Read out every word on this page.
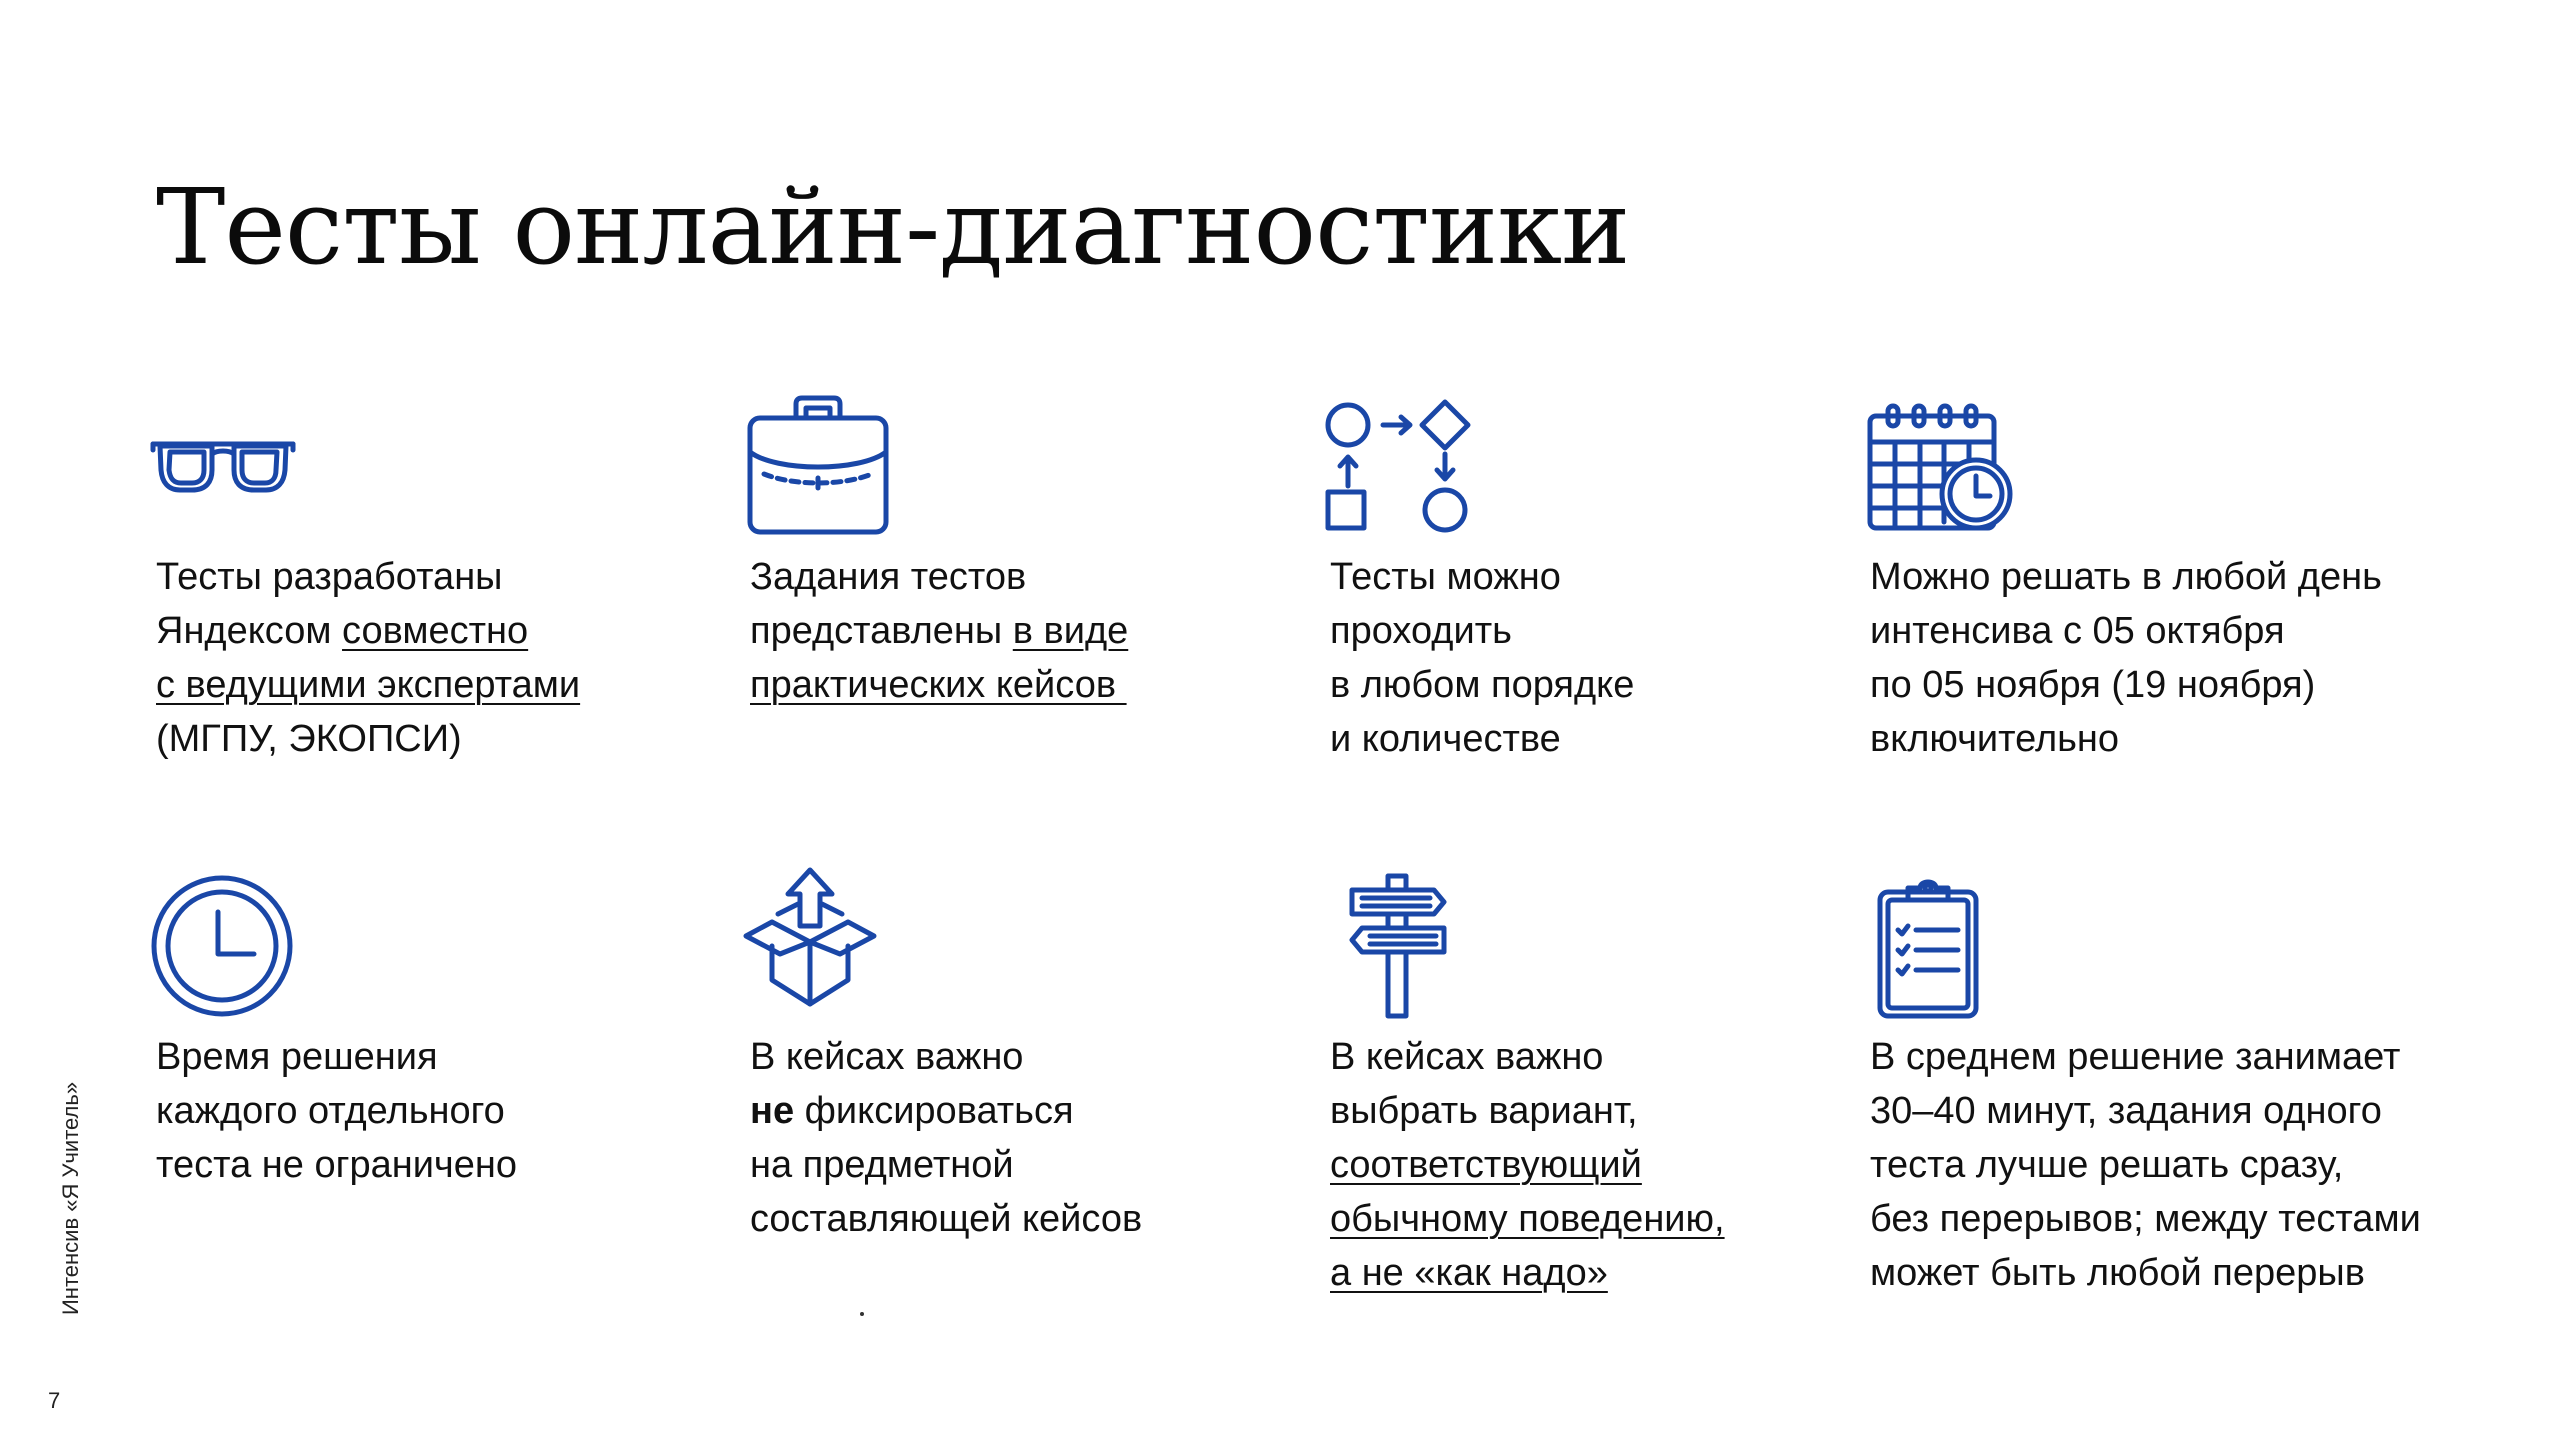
Тесты онлайн-диагностики
Тесты разработаны
Яндексом совместно
с ведущими экспертами
(МГПУ, ЭКОПСИ)
Задания тестов
представлены в виде
практических кейсов
Тесты можно
проходить
в любом порядке
и количестве
Можно решать в любой день
интенсива с 05 октября
по 05 ноября (19 ноября)
включительно
Время решения
каждого отдельного
теста не ограничено
В кейсах важно
не фиксироваться
на предметной
составляющей кейсов
В кейсах важно
выбрать вариант,
соответствующий
обычному поведению,
а не «как надо»
В среднем решение занимает
30–40 минут, задания одного
теста лучше решать сразу,
без перерывов; между тестами
может быть любой перерыв
Интенсив «Я Учитель»
7
